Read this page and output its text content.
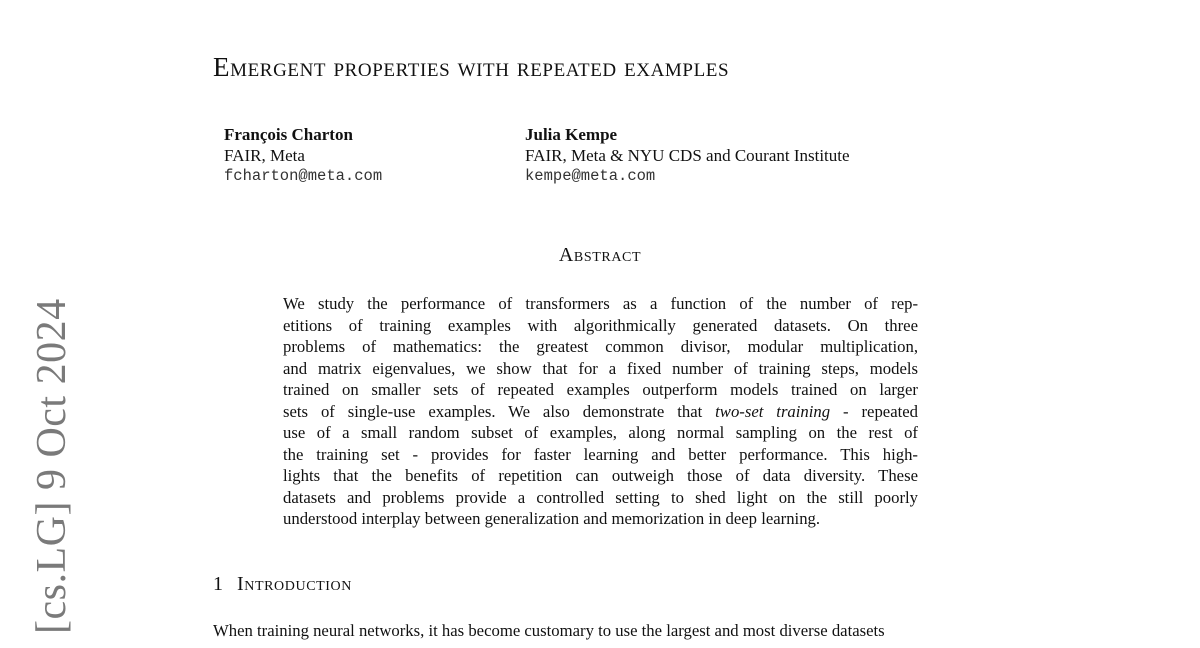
[cs.LG] 9 Oct 2024
Emergent properties with repeated examples
François Charton
FAIR, Meta
fcharton@meta.com
Julia Kempe
FAIR, Meta & NYU CDS and Courant Institute
kempe@meta.com
Abstract
We study the performance of transformers as a function of the number of rep-
etitions of training examples with algorithmically generated datasets. On three
problems of mathematics: the greatest common divisor, modular multiplication,
and matrix eigenvalues, we show that for a fixed number of training steps, models
trained on smaller sets of repeated examples outperform models trained on larger
sets of single-use examples. We also demonstrate that two-set training - repeated
use of a small random subset of examples, along normal sampling on the rest of
the training set - provides for faster learning and better performance. This high-
lights that the benefits of repetition can outweigh those of data diversity. These
datasets and problems provide a controlled setting to shed light on the still poorly
understood interplay between generalization and memorization in deep learning.
1 Introduction
When training neural networks, it has become customary to use the largest and most diverse datasets
